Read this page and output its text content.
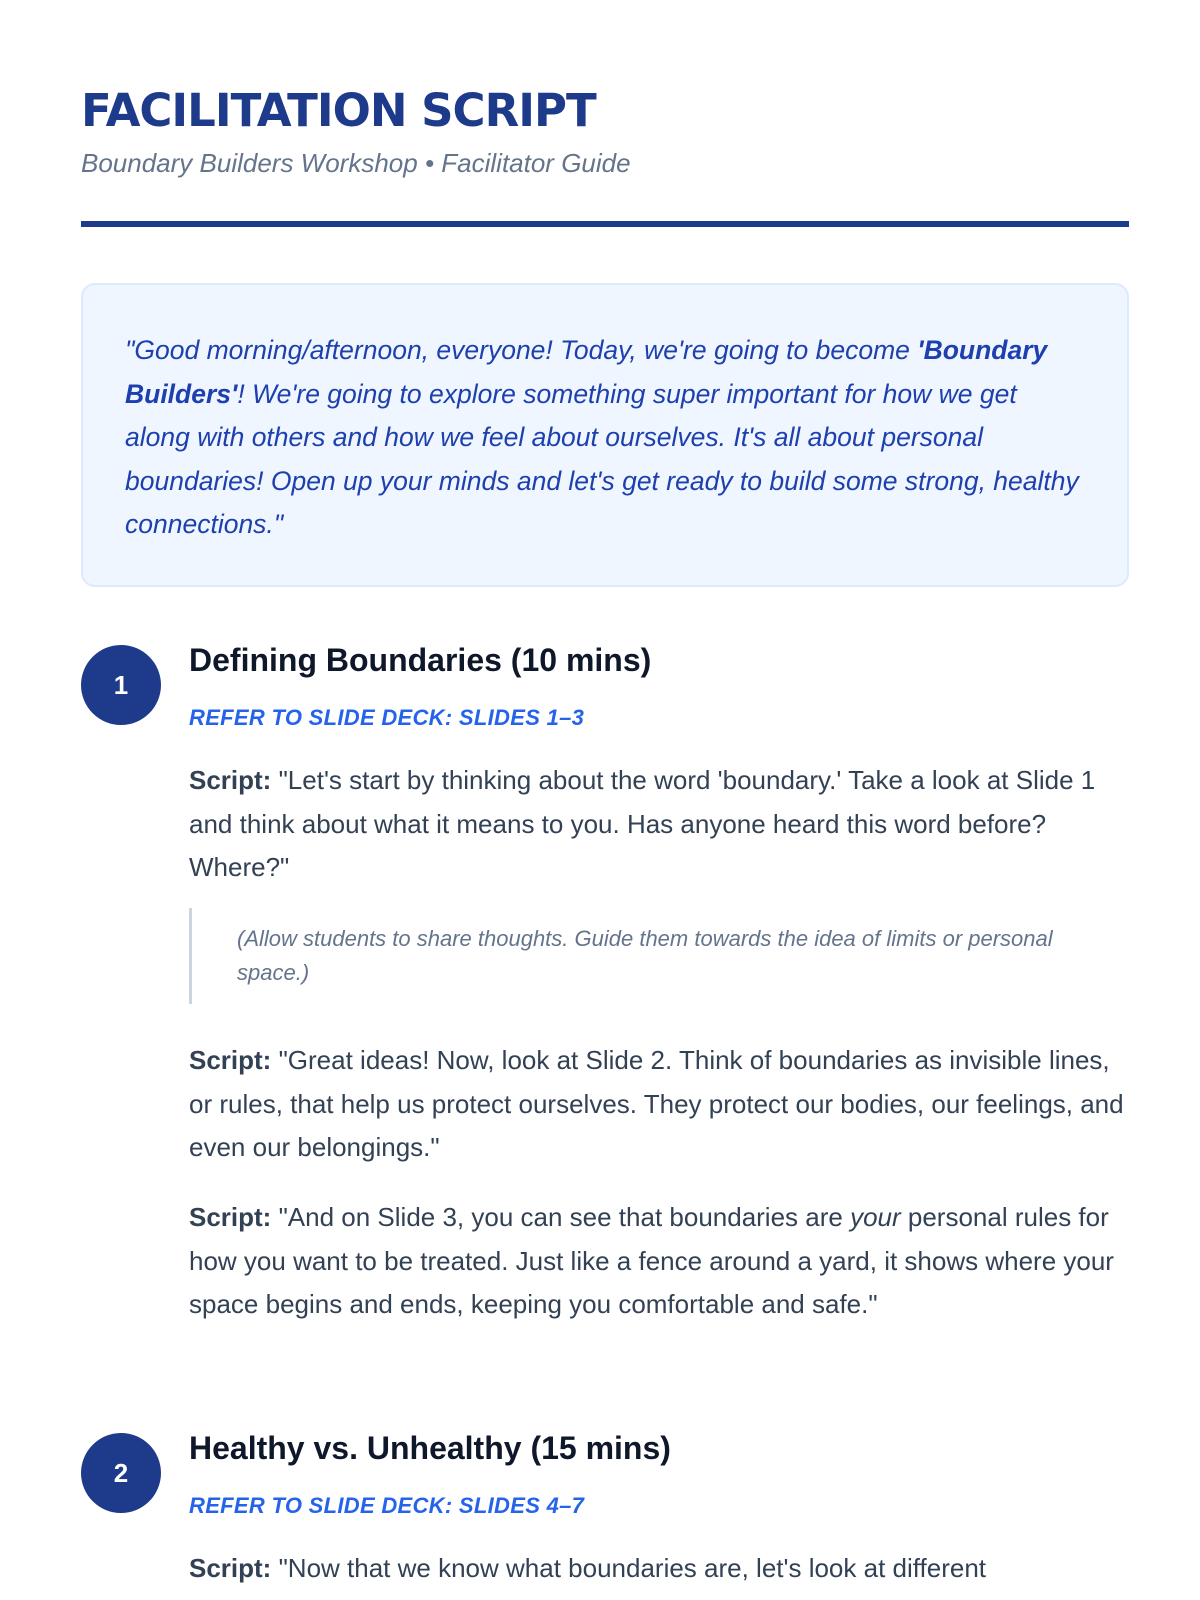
FACILITATION SCRIPT
Boundary Builders Workshop • Facilitator Guide

"Good morning/afternoon, everyone! Today, we're going to become 'Boundary Builders'! We're going to explore something super important for how we get along with others and how we feel about ourselves. It's all about personal boundaries! Open up your minds and let's get ready to build some strong, healthy connections."

1
Defining Boundaries (10 mins)
REFER TO SLIDE DECK: SLIDES 1–3

Script: "Let's start by thinking about the word 'boundary.' Take a look at Slide 1 and think about what it means to you. Has anyone heard this word before? Where?"

(Allow students to share thoughts. Guide them towards the idea of limits or personal space.)

Script: "Great ideas! Now, look at Slide 2. Think of boundaries as invisible lines, or rules, that help us protect ourselves. They protect our bodies, our feelings, and even our belongings."

Script: "And on Slide 3, you can see that boundaries are your personal rules for how you want to be treated. Just like a fence around a yard, it shows where your space begins and ends, keeping you comfortable and safe."

2
Healthy vs. Unhealthy (15 mins)
REFER TO SLIDE DECK: SLIDES 4–7

Script: "Now that we know what boundaries are, let's look at different
